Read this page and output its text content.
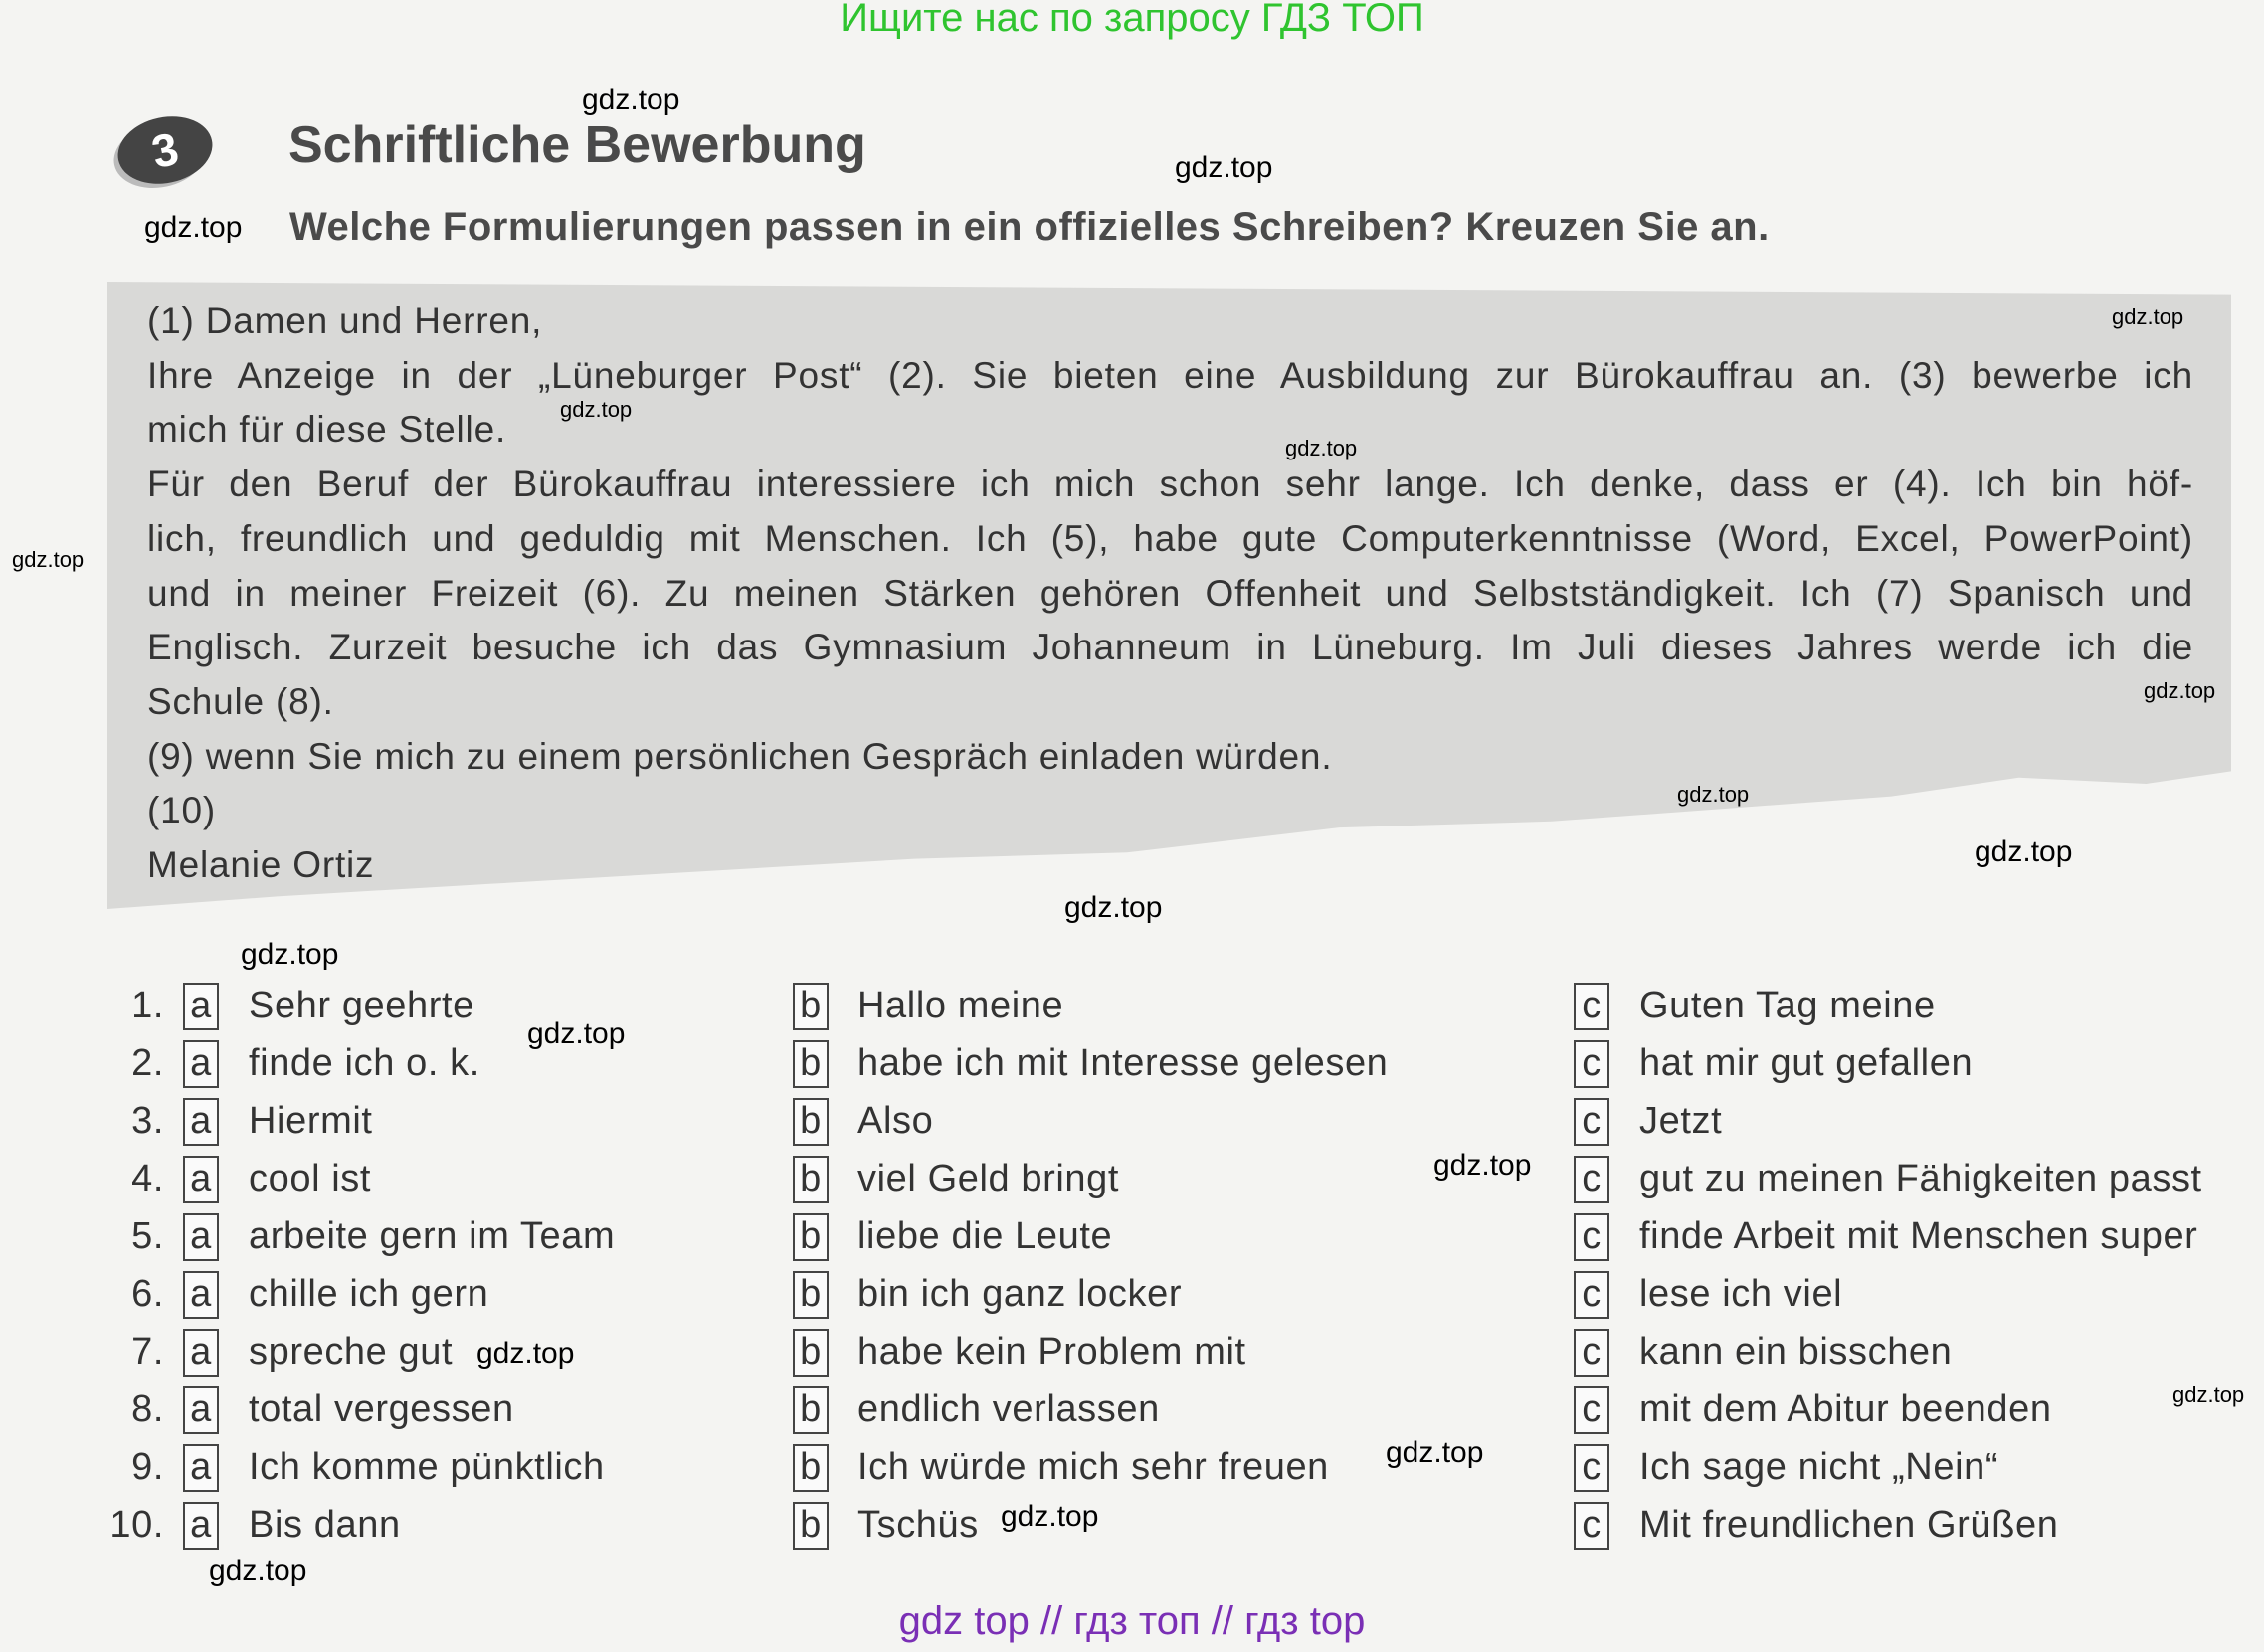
Ищите нас по запросу ГДЗ ТОП
3	Schriftliche Bewerbung
Welche Formulierungen passen in ein offizielles Schreiben? Kreuzen Sie an.
(1) Damen und Herren,
Ihre Anzeige in der „Lüneburger Post“ (2). Sie bieten eine Ausbildung zur Bürokauffrau an. (3) bewerbe ich
mich für diese Stelle.
Für den Beruf der Bürokauffrau interessiere ich mich schon sehr lange. Ich denke, dass er (4). Ich bin höf-
lich, freundlich und geduldig mit Menschen. Ich (5), habe gute Computerkenntnisse (Word, Excel, PowerPoint)
und in meiner Freizeit (6). Zu meinen Stärken gehören Offenheit und Selbstständigkeit. Ich (7) Spanisch und
Englisch. Zurzeit besuche ich das Gymnasium Johanneum in Lüneburg. Im Juli dieses Jahres werde ich die
Schule (8).
(9) wenn Sie mich zu einem persönlichen Gespräch einladen würden.
(10)
Melanie Ortiz
1. a Sehr geehrte	b Hallo meine	c Guten Tag meine
2. a finde ich o. k.	b habe ich mit Interesse gelesen	c hat mir gut gefallen
3. a Hiermit	b Also	c Jetzt
4. a cool ist	b viel Geld bringt	c gut zu meinen Fähigkeiten passt
5. a arbeite gern im Team	b liebe die Leute	c finde Arbeit mit Menschen super
6. a chille ich gern	b bin ich ganz locker	c lese ich viel
7. a spreche gut	b habe kein Problem mit	c kann ein bisschen
8. a total vergessen	b endlich verlassen	c mit dem Abitur beenden
9. a Ich komme pünktlich	b Ich würde mich sehr freuen	c Ich sage nicht „Nein“
10. a Bis dann	b Tschüs	c Mit freundlichen Grüßen
gdz top // гдз топ // гдз top
gdz.top
gdz.top
gdz.top
gdz.top
gdz.top
gdz.top
gdz.top
gdz.top
gdz.top
gdz.top
gdz.top
gdz.top
gdz.top
gdz.top
gdz.top
gdz.top
gdz.top
gdz.top
gdz.top
